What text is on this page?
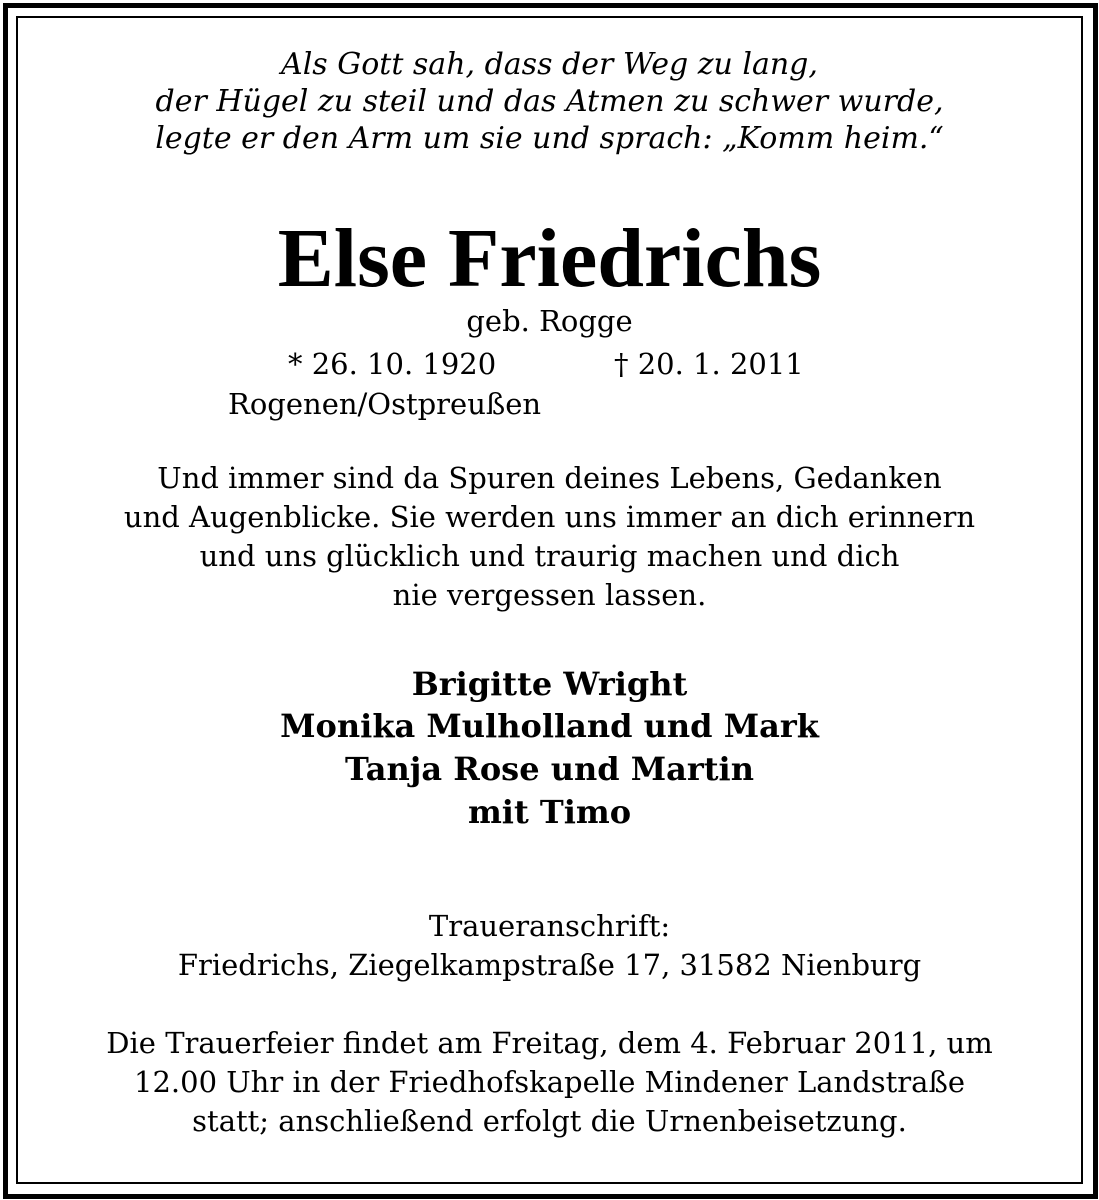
Als Gott sah, dass der Weg zu lang,
der Hügel zu steil und das Atmen zu schwer wurde,
legte er den Arm um sie und sprach: „Komm heim.“
Else Friedrichs
geb. Rogge
* 26. 10. 1920	† 20. 1. 2011
Rogenen/Ostpreußen
Und immer sind da Spuren deines Lebens, Gedanken
und Augenblicke. Sie werden uns immer an dich erinnern
und uns glücklich und traurig machen und dich
nie vergessen lassen.
Brigitte Wright
Monika Mulholland und Mark
Tanja Rose und Martin
mit Timo
Traueranschrift:
Friedrichs, Ziegelkampstraße 17, 31582 Nienburg
Die Trauerfeier findet am Freitag, dem 4. Februar 2011, um
12.00 Uhr in der Friedhofskapelle Mindener Landstraße
statt; anschließend erfolgt die Urnenbeisetzung.
